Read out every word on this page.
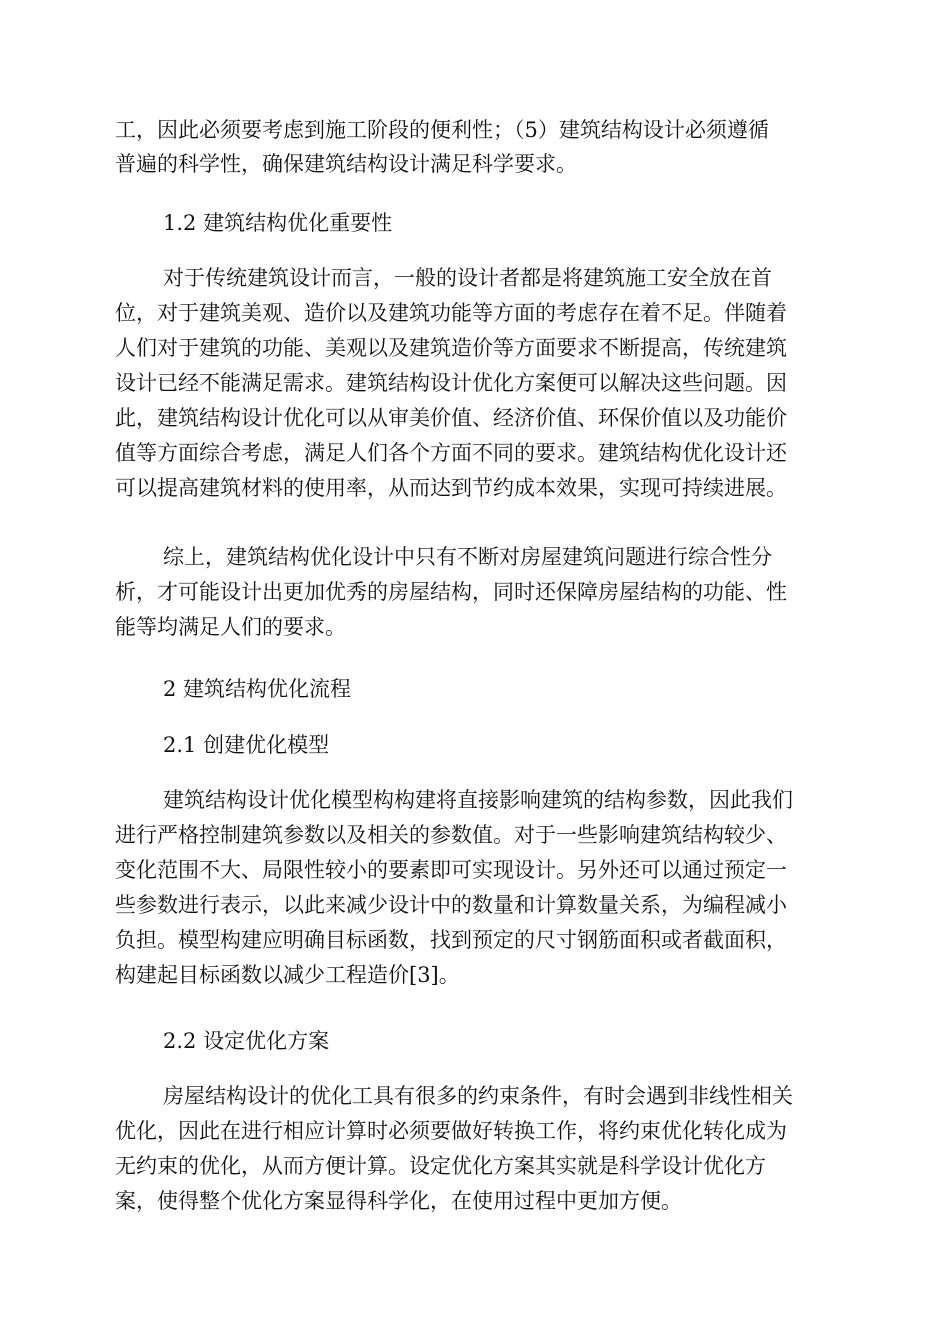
工，因此必须要考虑到施工阶段的便利性；（5）建筑结构设计必须遵循
普遍的科学性，确保建筑结构设计满足科学要求。
1.2 建筑结构优化重要性
对于传统建筑设计而言，一般的设计者都是将建筑施工安全放在首
位，对于建筑美观、造价以及建筑功能等方面的考虑存在着不足。伴随着
人们对于建筑的功能、美观以及建筑造价等方面要求不断提高，传统建筑
设计已经不能满足需求。建筑结构设计优化方案便可以解决这些问题。因
此，建筑结构设计优化可以从审美价值、经济价值、环保价值以及功能价
值等方面综合考虑，满足人们各个方面不同的要求。建筑结构优化设计还
可以提高建筑材料的使用率，从而达到节约成本效果，实现可持续进展。
综上，建筑结构优化设计中只有不断对房屋建筑问题进行综合性分
析，才可能设计出更加优秀的房屋结构，同时还保障房屋结构的功能、性
能等均满足人们的要求。
2 建筑结构优化流程
2.1 创建优化模型
建筑结构设计优化模型构构建将直接影响建筑的结构参数，因此我们
进行严格控制建筑参数以及相关的参数值。对于一些影响建筑结构较少、
变化范围不大、局限性较小的要素即可实现设计。另外还可以通过预定一
些参数进行表示，以此来减少设计中的数量和计算数量关系，为编程减小
负担。模型构建应明确目标函数，找到预定的尺寸钢筋面积或者截面积，
构建起目标函数以减少工程造价[3]。
2.2 设定优化方案
房屋结构设计的优化工具有很多的约束条件，有时会遇到非线性相关
优化，因此在进行相应计算时必须要做好转换工作，将约束优化转化成为
无约束的优化，从而方便计算。设定优化方案其实就是科学设计优化方
案，使得整个优化方案显得科学化，在使用过程中更加方便。
